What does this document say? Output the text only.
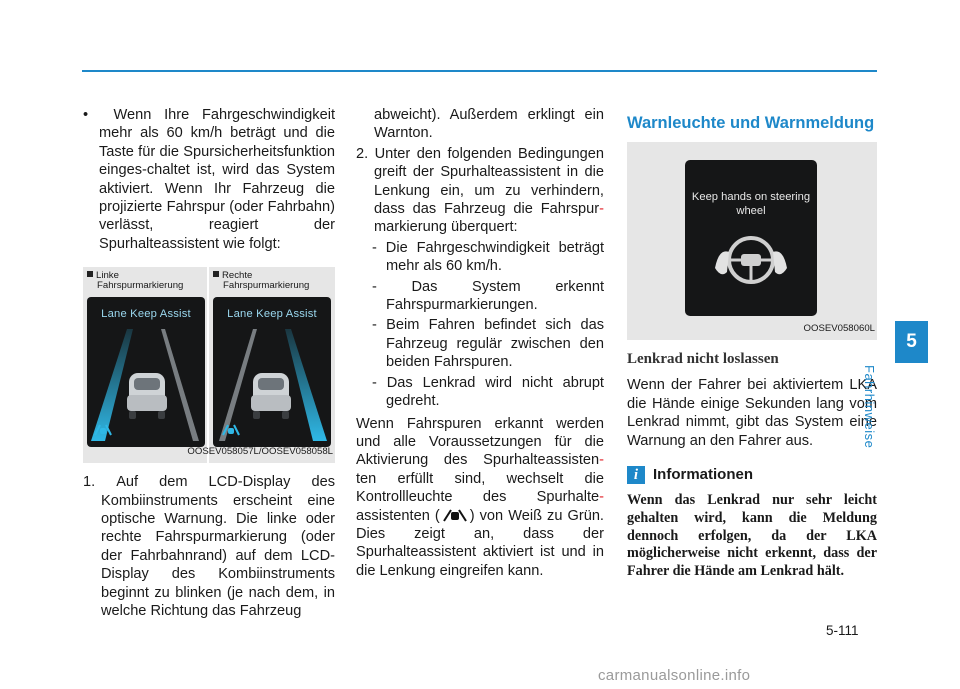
• Wenn Ihre Fahrgeschwindigkeit mehr als 60 km/h beträgt und die Taste für die Spursicherheitsfunktion einges-chaltet ist, wird das System aktiviert. Wenn Ihr Fahrzeug die projizierte Fahrspur (oder Fahrbahn) verlässt, reagiert der Spurhalteassistent wie folgt:

Linke
Fahrspurmarkierung
Rechte
Fahrspurmarkierung
Lane Keep Assist	Lane Keep Assist
OOSEV058057L/OOSEV058058L

1. Auf dem LCD-Display des Kombiinstruments erscheint eine optische Warnung. Die linke oder rechte Fahrspurmarkierung (oder der Fahrbahnrand) auf dem LCD-Display des Kombiinstruments beginnt zu blinken (je nach dem, in welche Richtung das Fahrzeug

abweicht). Außerdem erklingt ein Warnton.

2. Unter den folgenden Bedingungen greift der Spurhalteassistent in die Lenkung ein, um zu verhindern, dass das Fahrzeug die Fahrspur- markierung überquert:

- Die Fahrgeschwindigkeit beträgt mehr als 60 km/h.

- Das System erkennt Fahrspurmarkierungen.

- Beim Fahren befindet sich das Fahrzeug regulär zwischen den beiden Fahrspuren.

- Das Lenkrad wird nicht abrupt gedreht.

Wenn Fahrspuren erkannt werden und alle Voraussetzungen für die Aktivierung des Spurhalteassisten- ten erfüllt sind, wechselt die Kontrollleuchte des Spurhalte- assistenten ( ) von Weiß zu Grün. Dies zeigt an, dass der Spurhalteassistent aktiviert ist und in die Lenkung eingreifen kann.

Warnleuchte und Warnmeldung
Keep hands on steering wheel
OOSEV058060L
Lenkrad nicht loslassen

Wenn der Fahrer bei aktiviertem LKA die Hände einige Sekunden lang vom Lenkrad nimmt, gibt das System eine Warnung an den Fahrer aus.

i Informationen

Wenn das Lenkrad nur sehr leicht gehalten wird, kann die Meldung dennoch erfolgen, da der LKA möglicherweise nicht erkennt, dass der Fahrer die Hände am Lenkrad hält.

5
Fahrhinweise
5-111
carmanualsonline.info
